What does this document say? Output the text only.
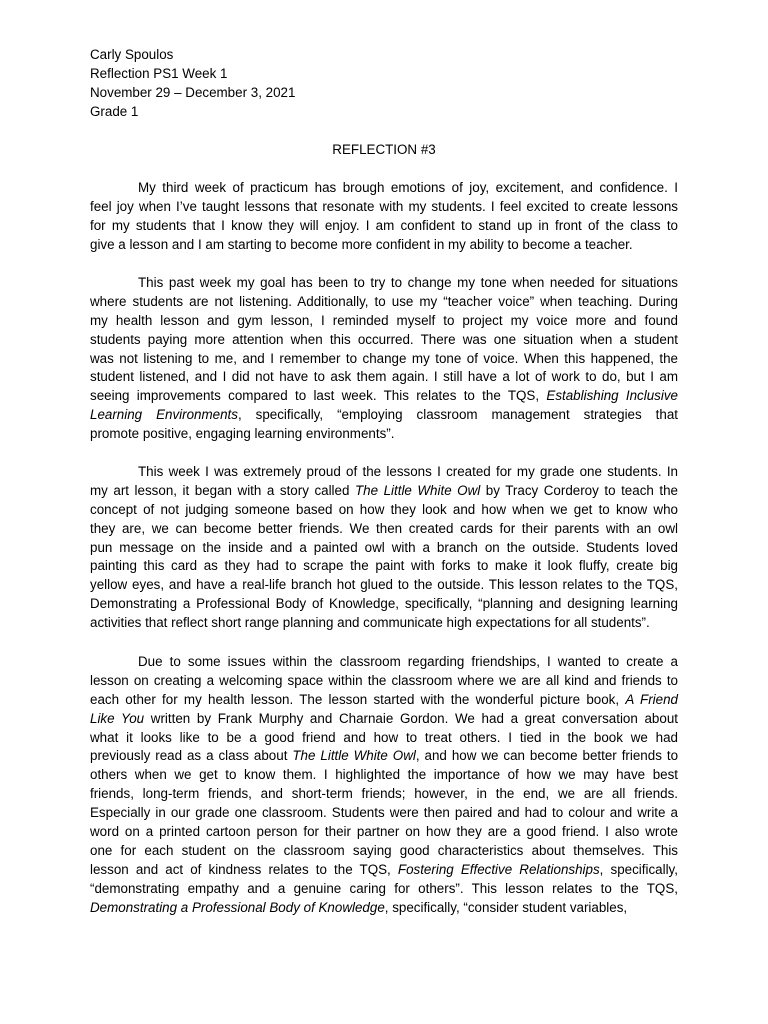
Carly Spoulos
Reflection PS1 Week 1
November 29 – December 3, 2021
Grade 1
REFLECTION #3
My third week of practicum has brough emotions of joy, excitement, and confidence. I
feel joy when I’ve taught lessons that resonate with my students. I feel excited to create lessons
for my students that I know they will enjoy. I am confident to stand up in front of the class to
give a lesson and I am starting to become more confident in my ability to become a teacher.
This past week my goal has been to try to change my tone when needed for situations
where students are not listening. Additionally, to use my “teacher voice” when teaching. During
my health lesson and gym lesson, I reminded myself to project my voice more and found
students paying more attention when this occurred. There was one situation when a student
was not listening to me, and I remember to change my tone of voice. When this happened, the
student listened, and I did not have to ask them again. I still have a lot of work to do, but I am
seeing improvements compared to last week. This relates to the TQS, Establishing Inclusive
Learning Environments, specifically, “employing classroom management strategies that
promote positive, engaging learning environments”.
This week I was extremely proud of the lessons I created for my grade one students. In
my art lesson, it began with a story called The Little White Owl by Tracy Corderoy to teach the
concept of not judging someone based on how they look and how when we get to know who
they are, we can become better friends. We then created cards for their parents with an owl
pun message on the inside and a painted owl with a branch on the outside. Students loved
painting this card as they had to scrape the paint with forks to make it look fluffy, create big
yellow eyes, and have a real-life branch hot glued to the outside. This lesson relates to the TQS,
Demonstrating a Professional Body of Knowledge, specifically, “planning and designing learning
activities that reflect short range planning and communicate high expectations for all students”.
Due to some issues within the classroom regarding friendships, I wanted to create a
lesson on creating a welcoming space within the classroom where we are all kind and friends to
each other for my health lesson. The lesson started with the wonderful picture book, A Friend
Like You written by Frank Murphy and Charnaie Gordon. We had a great conversation about
what it looks like to be a good friend and how to treat others. I tied in the book we had
previously read as a class about The Little White Owl, and how we can become better friends to
others when we get to know them. I highlighted the importance of how we may have best
friends, long-term friends, and short-term friends; however, in the end, we are all friends.
Especially in our grade one classroom. Students were then paired and had to colour and write a
word on a printed cartoon person for their partner on how they are a good friend. I also wrote
one for each student on the classroom saying good characteristics about themselves. This
lesson and act of kindness relates to the TQS, Fostering Effective Relationships, specifically,
“demonstrating empathy and a genuine caring for others”. This lesson relates to the TQS,
Demonstrating a Professional Body of Knowledge, specifically, “consider student variables,
